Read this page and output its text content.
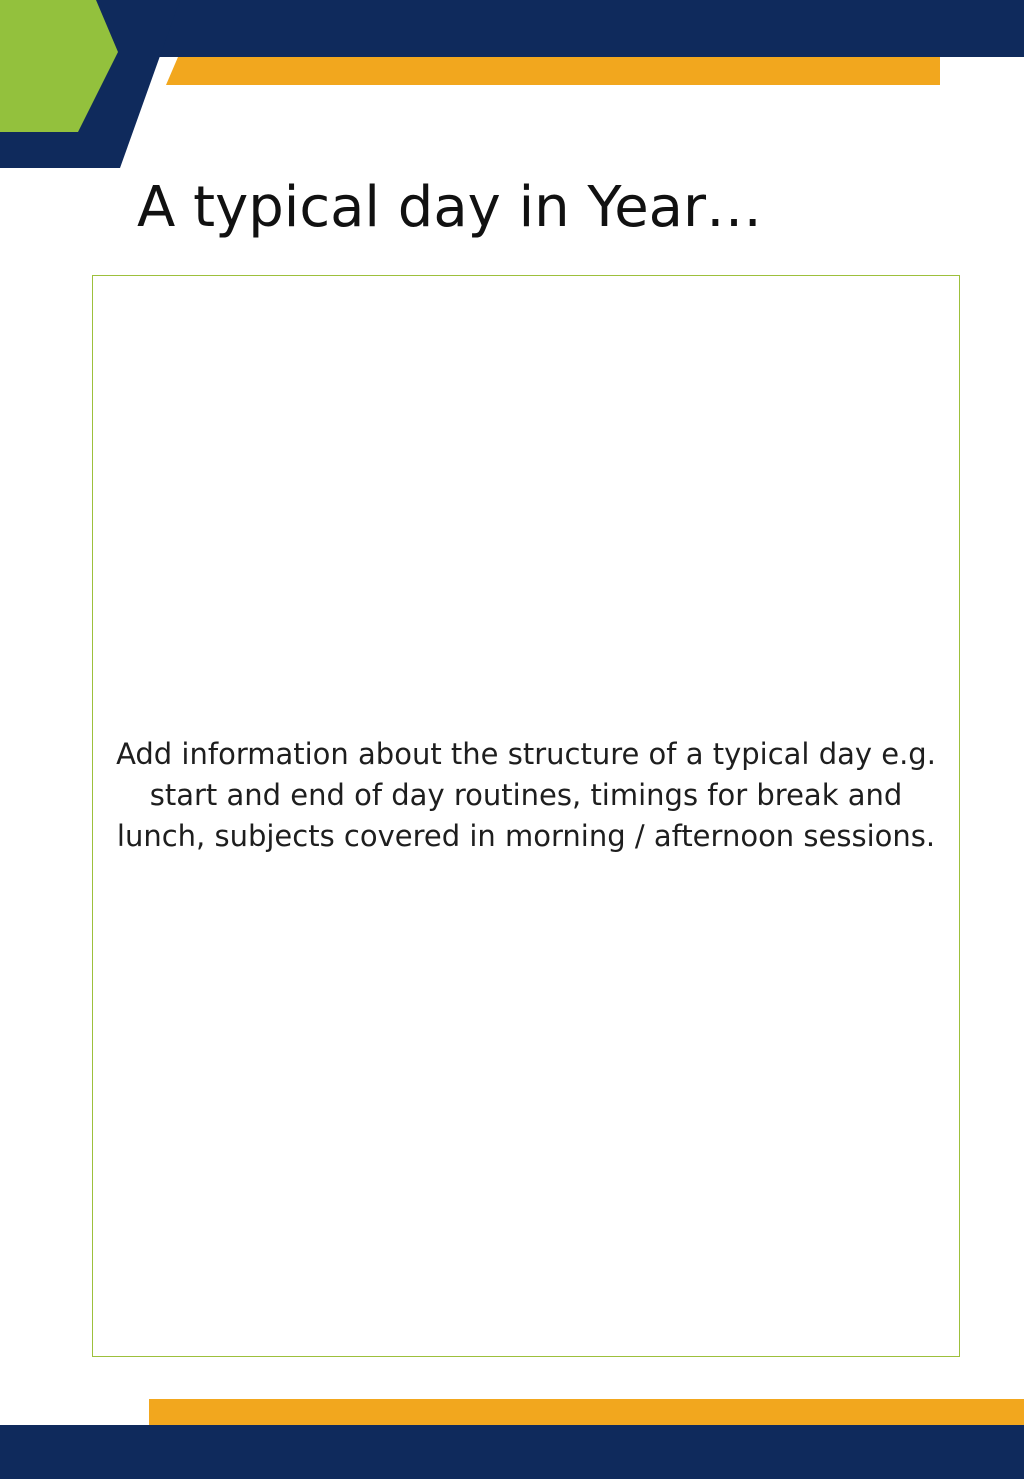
A typical day in Year…

Add information about the structure of a typical day e.g. start and end of day routines, timings for break and lunch, subjects covered in morning / afternoon sessions.
